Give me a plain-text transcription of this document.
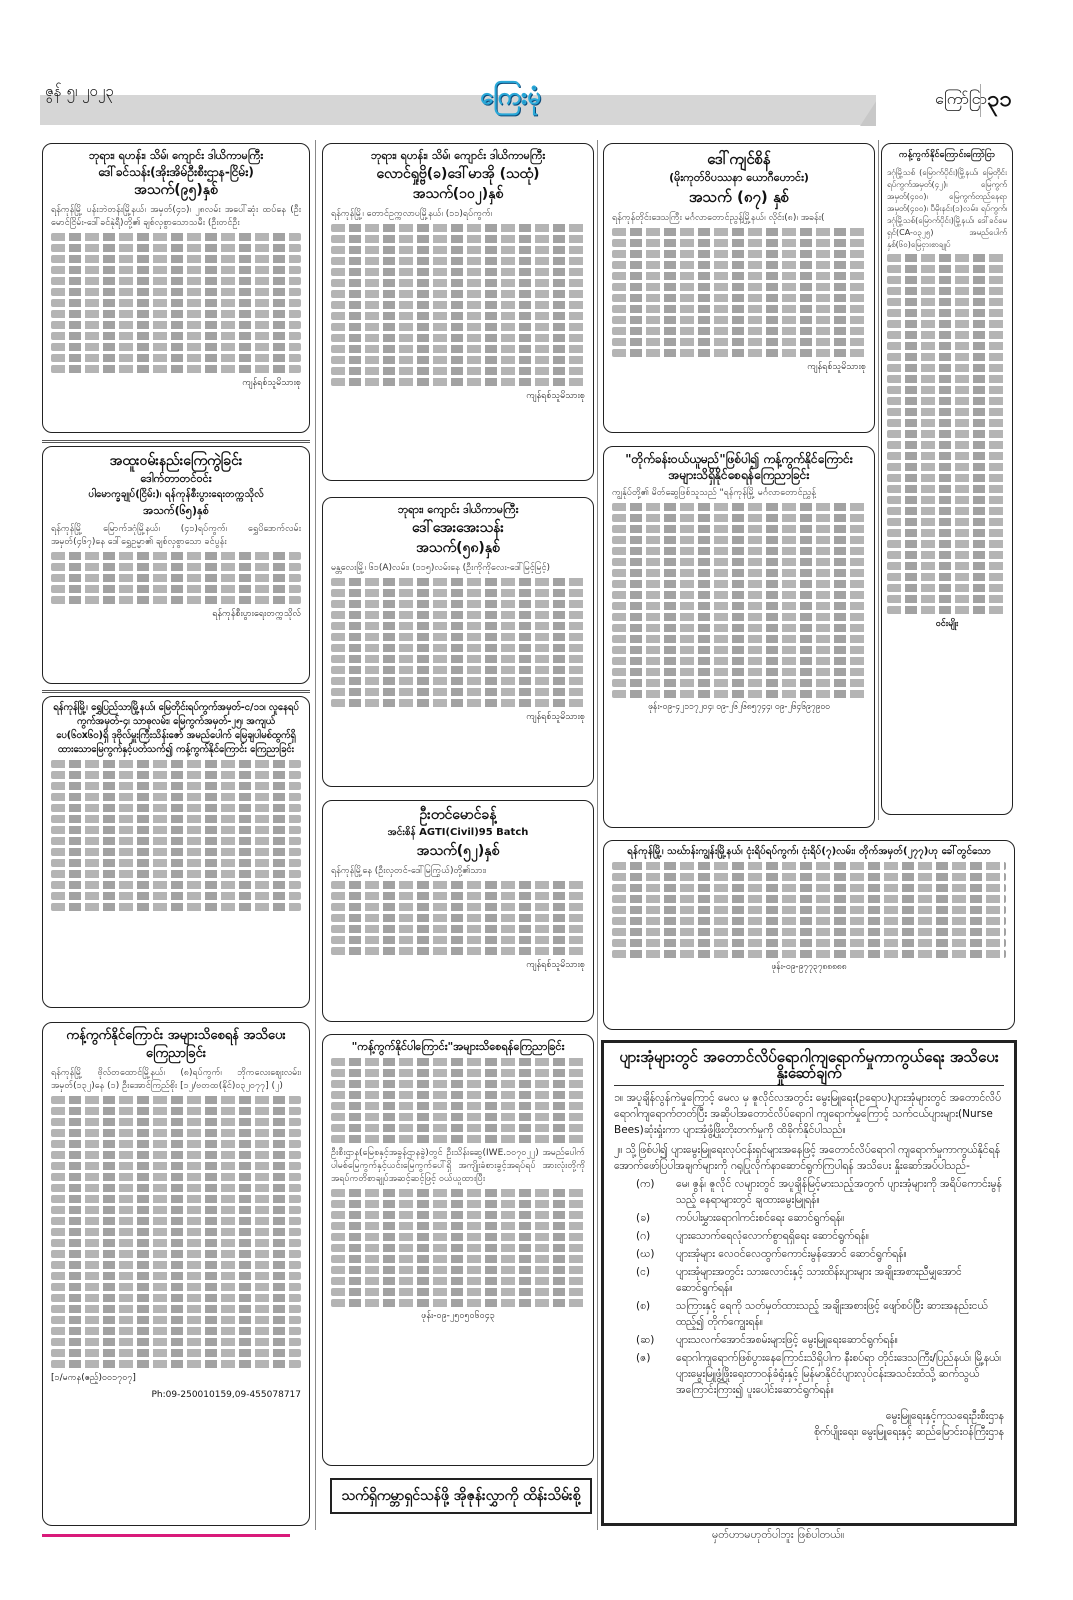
ဇွန် ၅၊ ၂၀၂၃	ကြေးမုံ	ကြော်ငြာ ၃၁
ဘုရား၊ ရဟန်း၊ သိမ်၊ ကျောင်း ဒါယိကာမကြီး
ဒေါ်ခင်သန်း(အိုးအိမ်ဦးစီးဌာန-ငြိမ်း)
အသက်(၉၅)နှစ်
ရန်ကုန်မြို့ ပန်းဘဲတန်းမြို့နယ်၊ အမှတ်(၄၁)၊ ၂၈လမ်း အပေါ်ဆုံး ထပ်နေ (ဦးမောင်ငြိမ်း-ဒေါ်ခင်နုဲရီ)တို့၏ ချစ်လှစွာသောသမီး (ဦးတင်ဦး
ကျန်ရစ်သူမိသားစု
အထူးဝမ်းနည်းကြေကွဲခြင်း
ဒေါက်တာတင်ဝင်း
ပါမောက္ခချုပ်(ငြိမ်း)၊ ရန်ကုန်စီးပွားရေးတက္ကသိုလ်
အသက်(၆၅)နှစ်
ရန်ကုန်မြို့ မြောက်ဒဂုံမြို့နယ်၊ (၄၁)ရပ်ကွက်၊ ရွှေပိဒောက်လမ်း အမှတ်(၄၆၇)နေ ဒေါ်ရွှေဥမ္မာ၏ ချစ်လှစွာသော ခင်ပွန်း
ရန်ကုန်စီးပွားရေးတက္ကသိုလ်
ရန်ကုန်မြို့၊ ရွှေပြည်သာမြို့နယ်၊ မြေတိုင်းရပ်ကွက်အမှတ်-င/၁၁၊ လူနေရပ်ကွက်အမှတ်-၄၊ သာဓုလမ်း၊ မြေကွက်အမှတ်-၂၅၊ အကျယ်ပေ(၆၀x၆၀)ရှိ ဒုဗိုလ်မှူးကြီးသိန်းဇော် အမည်ပေါက် မြေချပါမစ်ထွက်ရှိထားသောမြေကွက်နှင့်ပတ်သက်၍ ကန့်ကွက်နိုင်ကြောင်း ကြေညာခြင်း
ကန့်ကွက်နိုင်ကြောင်း အများသိစေရန် အသိပေးကြေညာခြင်း
ရန်ကုန်မြို့ ဗိုလ်တထောင်မြို့နယ်၊ (၈)ရပ်ကွက်၊ ဘိုကလေးဈေးလမ်း၊ အမှတ်(၁၃၂)နေ (၁) ဦးအောင်ကြည်စိုး [၁၂/ဗတထ(နိုင်)၀၃၂၀၇၇] (၂)
[၁/မကန(ဧည့်)၀၀၁၇၀၇]
Ph:09-250010159,09-455078717
ဘုရား၊ ရဟန်း၊ သိမ်၊ ကျောင်း ဒါယိကာမကြီး
လောင်ရှုဗ္ဗိ(ခ)ဒေါ်မာအို (သထုံ)
အသက်(၁၀၂)နှစ်
ရန်ကုန်မြို့၊ တောင်ဥက္ကလာပမြို့နယ်၊ (၁၁)ရပ်ကွက်၊
ကျန်ရစ်သူမိသားစု
ဘုရား၊ ကျောင်း ဒါယိကာမကြီး
ဒေါ်အေးအေးသန်း
အသက်(၅၈)နှစ်
မန္တလေးမြို့၊ ၆၁(A)လမ်း၊ (၁၁၅)လမ်းနေ (ဦးကိုကိုလေး-ဒေါ်မြင့်မြင့်)
ကျန်ရစ်သူမိသားစု
ဦးတင်မောင်ခန့်
အင်းစိန် AGTI(Civil)95 Batch
အသက်(၅၂)နှစ်
ရန်ကုန်မြို့နေ (ဦးလှတင်-ဒေါ်မြကြွယ်)တို့၏သား၊
ကျန်ရစ်သူမိသားစု
"ကန့်ကွက်နိုင်ပါကြောင်း"အများသိစေရန်ကြေညာခြင်း
ဦးစီးဌာန(မြေစနှင့်အခွန်ဌာနခွဲ)တွင် ဦးသိန်းဆွေ(IWE.၁၀၇၀၂၂) အမည်ပေါက် ပါမစ်မြေကွက်နှင့်ယင်းမြေကွက်ပေါ်ရှိ အကျိုးခံစားခွင့်အရပ်ရပ် အားလုံးတို့ကို အရပ်ကတိစာချုပ်အဆင့်ဆင့်ဖြင့် ဝယ်ယူထားပြီး
ဖုန်း-၀၉-၂၅၀၅၀၆၀၄၃
သက်ရှိကမ္ဘာရှင်သန်ဖို့ အိုဇုန်းလွှာကို ထိန်းသိမ်းစို့
ဒေါ်ကျင်စိန်
(မိုးကုတ်ဝိပဿနာ ယောဂီဟောင်း)
အသက် (၈၇) နှစ်
ရန်ကုန်တိုင်းဒေသကြီး မင်္ဂလာတောင်ညွန့်မြို့နယ်၊ လိုင်း(၈)၊ အခန်း(
ကျန်ရစ်သူမိသားစု
"တိုက်ခန်းဝယ်ယူမည်"ဖြစ်ပါ၍ ကန့်ကွက်နိုင်ကြောင်း အများသိရှိနိုင်စေရန်ကြေညာခြင်း
ကျွန်ုပ်တို့၏ မိတ်ဆွေဖြစ်သူသည် "ရန်ကုန်မြို့ မင်္ဂလာတောင်ညွှန့်
ဖုန်း-၀၉-၄၂၁၁၇၂၀၄၊ ၀၉-၂၆၂၆၈၅၇၄၄၊ ၀၉-၂၆၄၆၉၇၉၀၀
ကန့်ကွက်နိုင်ကြောင်းကြော်ငြာ
ဒဂုံမြို့သစ် (မြောက်ပိုင်း)မြို့နယ်၊ မြေတိုင်းရပ်ကွက်အမှတ်(၄၂)၊ မြေကွက်အမှတ်(၄၀၀)၊ မြေကွက်တည်နေရာ အမှတ်(၄၀၀)၊ ပီမိုးနင်း(၁)လမ်း၊ ရပ်ကွက်၊ ဒဂုံမြို့သစ်(မြောက်ပိုင်း)မြို့နယ်၊ ဒေါ်ခင်မေရှင်(CA-၀၃၂၅) အမည်ပေါက်နှစ်(၆၀)မြေငှားစာချုပ်
ဝင်းမျိုး
ရန်ကုန်မြို့၊ သဃ်ာန်းကျွန်းမြို့နယ်၊ ငုံးရိပ်ရပ်ကွက်၊ ငုံးရိပ်(၇)လမ်း၊ တိုက်အမှတ်(၂၇၇)ဟု ခေါ်တွင်သော
ဖုန်း-၀၉-၉၇၇၃၇၈၈၈၈၈
ပျားအုံများတွင် အတောင်လိပ်ရောဂါကျရောက်မှုကာကွယ်ရေး အသိပေးနှိုးဆော်ချက်
၁။ အပူချိန်လွန်ကဲမှုကြောင့် မေလ မှ ဇူလိုင်လအတွင်း မွေးမြူရေး(ဥရောပ)ပျားအုံများတွင် အတောင်လိပ်ရောဂါကျရောက်တတ်ပြီး အဆိုပါအတောင်လိပ်ရောဂါ ကျရောက်မှုကြောင့် သက်ငယ်ပျားများ(Nurse Bees)ဆုံးရှုံးကာ ပျားအုံဖွံ့ဖြိုးတိုးတက်မှုကို ထိခိုက်နိုင်ပါသည်။
၂။ သို့ဖြစ်ပါ၍ ပျားမွေးမြူရေးလုပ်ငန်းရှင်များအနေဖြင့် အတောင်လိပ်ရောဂါ ကျရောက်မှုကာကွယ်နိုင်ရန် အောက်ဖော်ပြပါအချက်များကို ဂရုပြုလိုက်နာဆောင်ရွက်ကြပါရန် အသိပေး နှိုးဆော်အပ်ပါသည်-
(က)	မေ၊ ဇွန်၊ ဇူလိုင် လများတွင် အပူချိန်မြင့်မားသည့်အတွက် ပျားအုံများကို အရိပ်ကောင်းမွန်သည့် နေရာများတွင် ချထားမွေးမြူရန်။
(ခ)	ကပ်ပါးမွှားရောဂါကင်းစင်ရေး ဆောင်ရွက်ရန်။
(ဂ)	ပျားသောက်ရေလုံလောက်စွာရရှိရေး ဆောင်ရွက်ရန်။
(ဃ)	ပျားအုံများ လေဝင်လေထွက်ကောင်းမွန်အောင် ဆောင်ရွက်ရန်။
(င)	ပျားအုံများအတွင်း သားလောင်းနှင့် သားထိန်းပျားများ အချိုးအစားညီမျှအောင် ဆောင်ရွက်ရန်။
(စ)	သကြားနှင့် ရေကို သတ်မှတ်ထားသည့် အချိုးအစားဖြင့် ဖျော်စပ်ပြီး ဆားအနည်းငယ်ထည့်၍ တိုက်ကျွေးရန်။
(ဆ)	ပျားသလက်အောင်အစမ်းများဖြင့် မွေးမြူရေးဆောင်ရွက်ရန်။
(ဇ)	ရောဂါကျရောက်ဖြစ်ပွားနေကြောင်းသိရှိပါက နီးစပ်ရာ တိုင်းဒေသကြီး/ပြည်နယ်၊ မြို့နယ်၊ ပျားမွေးမြူဖွံ့ဖြိုးရေးတာဝန်ခံရုံးနှင့် မြန်မာနိုင်ငံပျားလုပ်ငန်းအသင်းထံသို့ ဆက်သွယ်အကြောင်းကြား၍ ပူးပေါင်းဆောင်ရွက်ရန်။
မွေးမြူရေးနှင့်ကုသရေးဦးစီးဌာန
စိုက်ပျိုးရေး၊ မွေးမြူရေးနှင့် ဆည်မြောင်းဝန်ကြီးဌာန
မှတ်ဟာမဟုတ်ပါဘူး ဖြစ်ပါတယ်။
